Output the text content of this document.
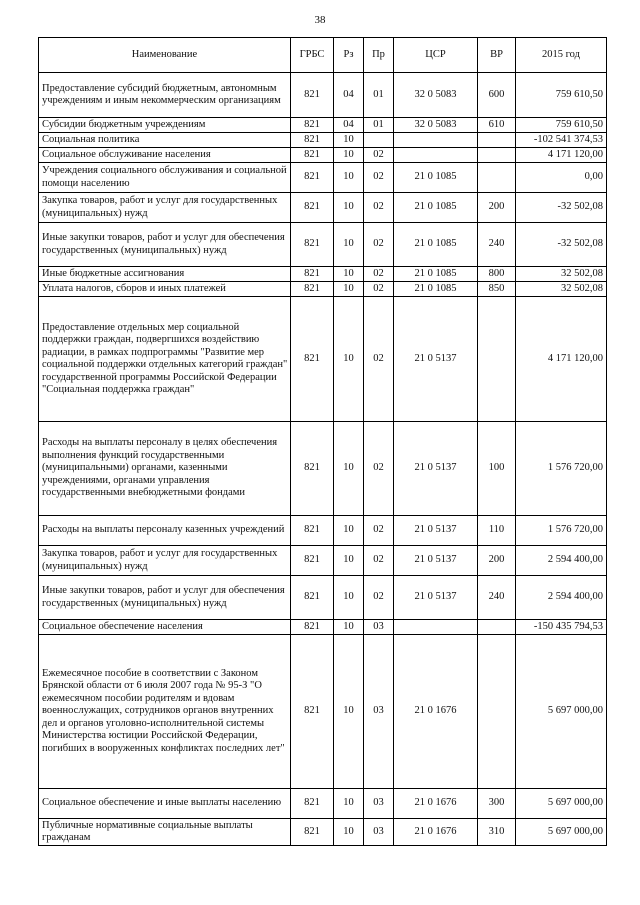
38
Наименование	ГРБС	Рз	Пр	ЦСР	ВР	2015 год
Предоставление субсидий бюджетным, автономным учреждениям и иным некоммерческим организациям	821	04	01	32 0 5083	600	759 610,50
Субсидии бюджетным учреждениям	821	04	01	32 0 5083	610	759 610,50
Социальная политика	821	10				-102 541 374,53
Социальное обслуживание населения	821	10	02			4 171 120,00
Учреждения социального обслуживания и социальной помощи населению	821	10	02	21 0 1085		0,00
Закупка товаров, работ и услуг для государственных (муниципальных) нужд	821	10	02	21 0 1085	200	-32 502,08
Иные закупки товаров, работ и услуг для обеспечения государственных (муниципальных) нужд	821	10	02	21 0 1085	240	-32 502,08
Иные бюджетные ассигнования	821	10	02	21 0 1085	800	32 502,08
Уплата налогов, сборов и иных платежей	821	10	02	21 0 1085	850	32 502,08
Предоставление отдельных мер социальной поддержки граждан, подвергшихся воздействию радиации, в рамках подпрограммы "Развитие мер социальной поддержки отдельных категорий граждан" государственной программы Российской Федерации "Социальная поддержка граждан"	821	10	02	21 0 5137		4 171 120,00
Расходы на выплаты персоналу в целях обеспечения выполнения функций государственными (муниципальными) органами, казенными учреждениями, органами управления государственными внебюджетными фондами	821	10	02	21 0 5137	100	1 576 720,00
Расходы на выплаты персоналу казенных учреждений	821	10	02	21 0 5137	110	1 576 720,00
Закупка товаров, работ и услуг для государственных (муниципальных) нужд	821	10	02	21 0 5137	200	2 594 400,00
Иные закупки товаров, работ и услуг для обеспечения государственных (муниципальных) нужд	821	10	02	21 0 5137	240	2 594 400,00
Социальное обеспечение населения	821	10	03			-150 435 794,53
Ежемесячное пособие в соответствии с Законом Брянской области от 6 июля 2007 года № 95-З "О ежемесячном пособии родителям и вдовам военнослужащих, сотрудников органов внутренних дел и органов уголовно-исполнительной системы Министерства юстиции Российской Федерации, погибших в вооруженных конфликтах последних лет"	821	10	03	21 0 1676		5 697 000,00
Социальное обеспечение и иные выплаты населению	821	10	03	21 0 1676	300	5 697 000,00
Публичные нормативные социальные выплаты гражданам	821	10	03	21 0 1676	310	5 697 000,00
